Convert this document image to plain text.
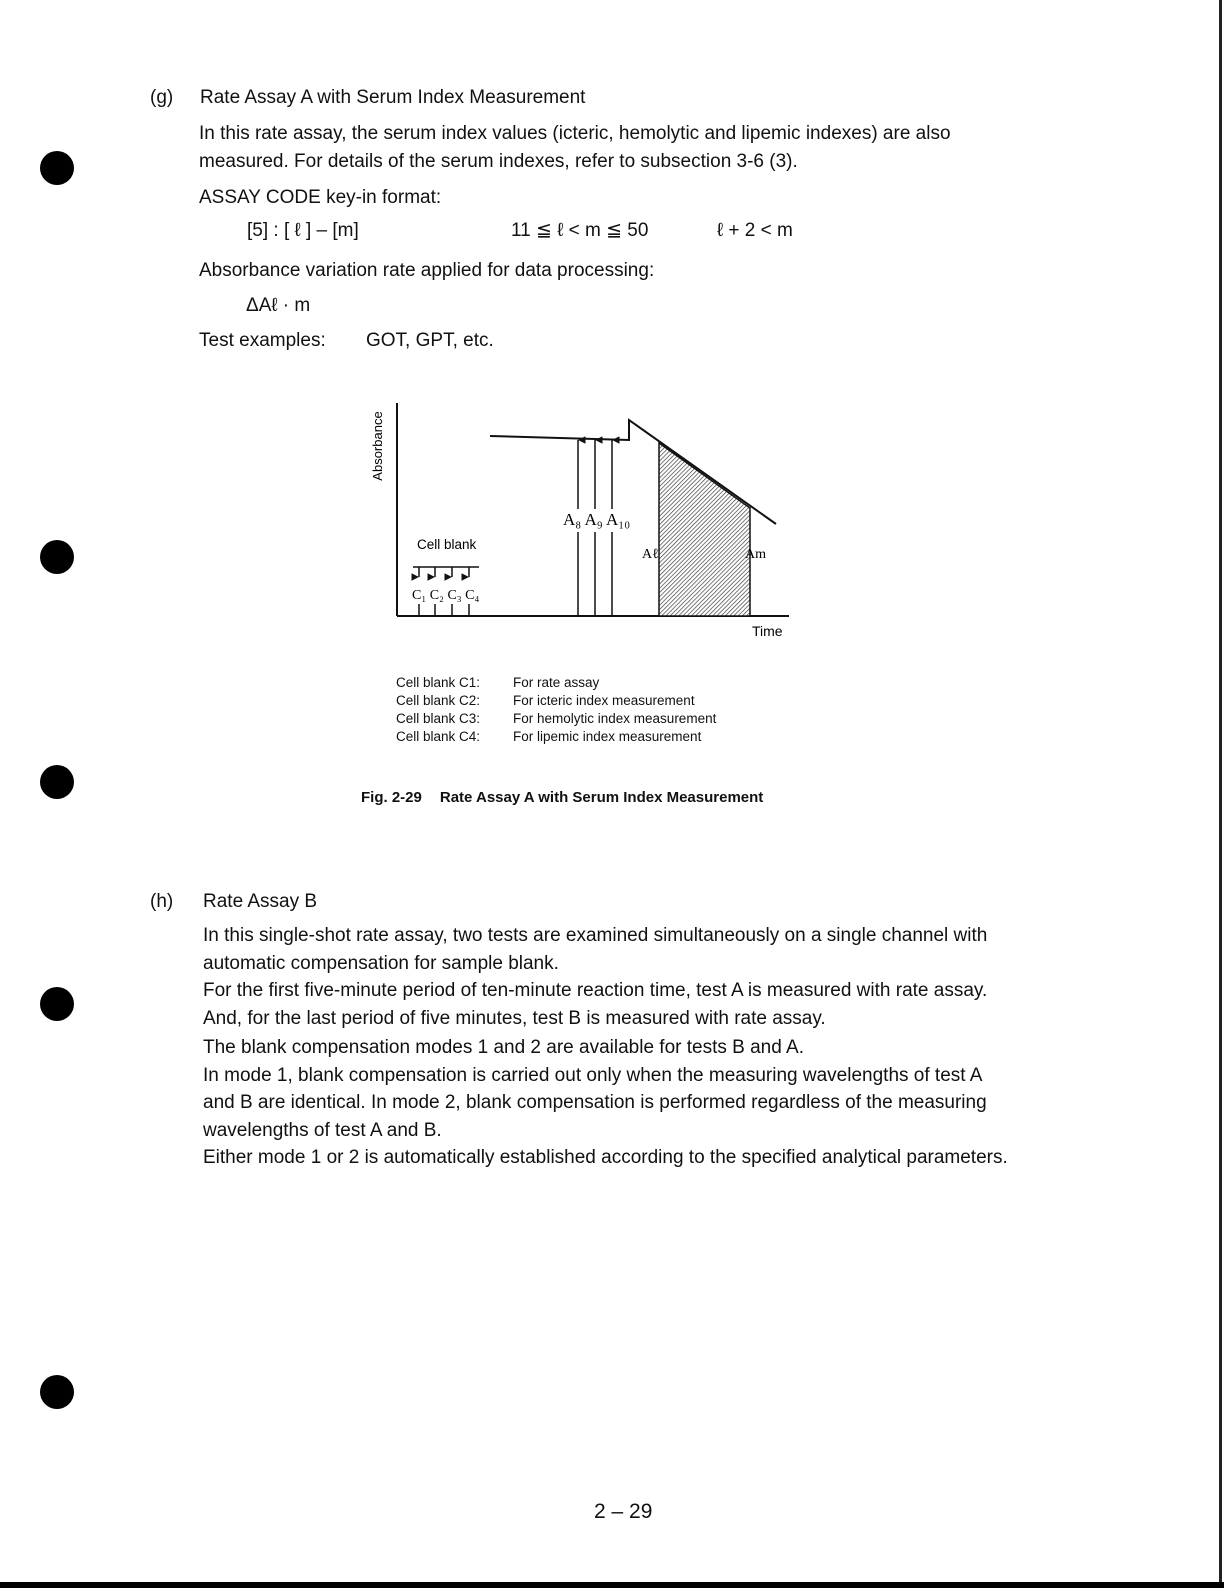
(g) Rate Assay A with Serum Index Measurement
In this rate assay, the serum index values (icteric, hemolytic and lipemic indexes) are also
measured. For details of the serum indexes, refer to subsection 3-6 (3).
ASSAY CODE key-in format:
[5] : [ ℓ ] – [m]	11 ≦ ℓ < m ≦ 50	ℓ + 2 < m
Absorbance variation rate applied for data processing:
ΔAℓ · m
Test examples: GOT, GPT, etc.
Absorbance
Time
Cell blank
C₁ C₂ C₃ C₄
A₈ A₉ A₁₀
Aℓ	Am
Cell blank C1: For rate assay
Cell blank C2: For icteric index measurement
Cell blank C3: For hemolytic index measurement
Cell blank C4: For lipemic index measurement
Fig. 2-29 Rate Assay A with Serum Index Measurement
(h) Rate Assay B
In this single-shot rate assay, two tests are examined simultaneously on a single channel with
automatic compensation for sample blank.
For the first five-minute period of ten-minute reaction time, test A is measured with rate assay.
And, for the last period of five minutes, test B is measured with rate assay.
The blank compensation modes 1 and 2 are available for tests B and A.
In mode 1, blank compensation is carried out only when the measuring wavelengths of test A
and B are identical. In mode 2, blank compensation is performed regardless of the measuring
wavelengths of test A and B.
Either mode 1 or 2 is automatically established according to the specified analytical parameters.
2 – 29
